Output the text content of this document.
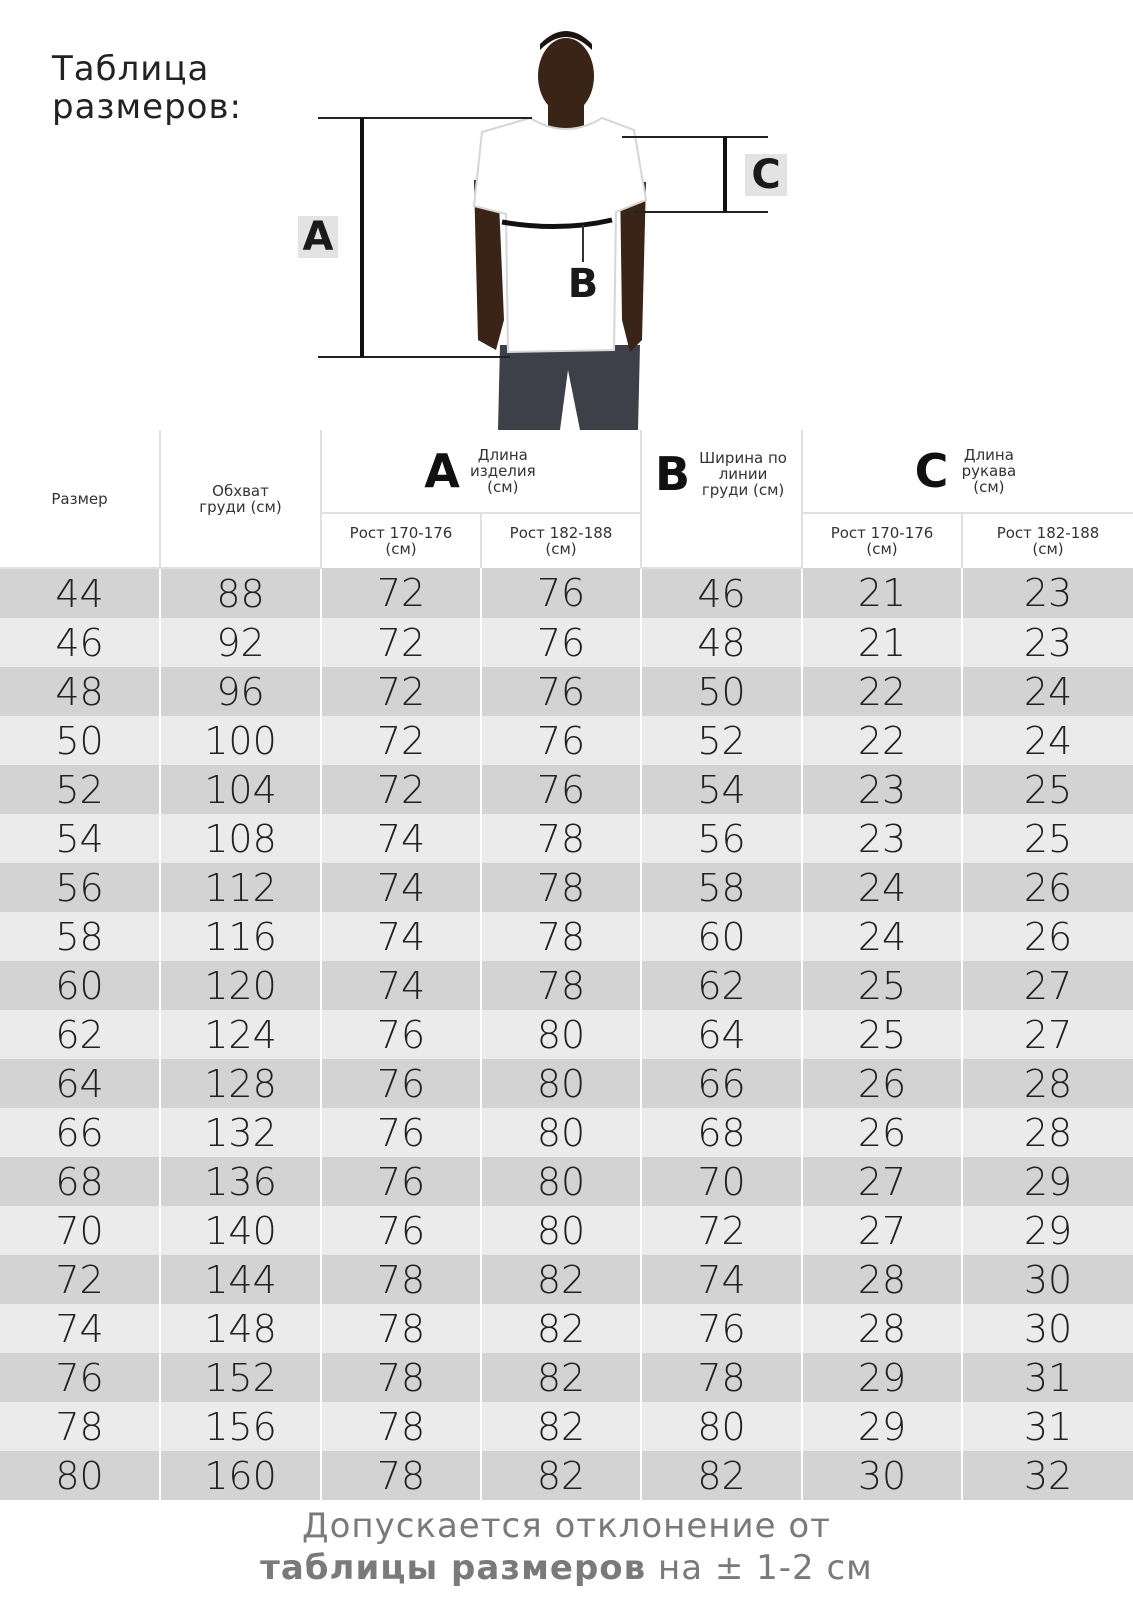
Таблица
размеров:
A
B
C
Размер	Обхват груди (см)	A Длина изделия (см)		B Ширина по линии груди (см)	C Длина рукава (см)	

		Рост 170-176 (см)	Рост 182-188 (см)		Рост 170-176 (см)	Рост 182-188 (см)

44	88	72	76	46	21	23
46	92	72	76	48	21	23
48	96	72	76	50	22	24
50	100	72	76	52	22	24
52	104	72	76	54	23	25
54	108	74	78	56	23	25
56	112	74	78	58	24	26
58	116	74	78	60	24	26
60	120	74	78	62	25	27
62	124	76	80	64	25	27
64	128	76	80	66	26	28
66	132	76	80	68	26	28
68	136	76	80	70	27	29
70	140	76	80	72	27	29
72	144	78	82	74	28	30
74	148	78	82	76	28	30
76	152	78	82	78	29	31
78	156	78	82	80	29	31
80	160	78	82	82	30	32
Допускается отклонение от
таблицы размеров на ± 1-2 см
